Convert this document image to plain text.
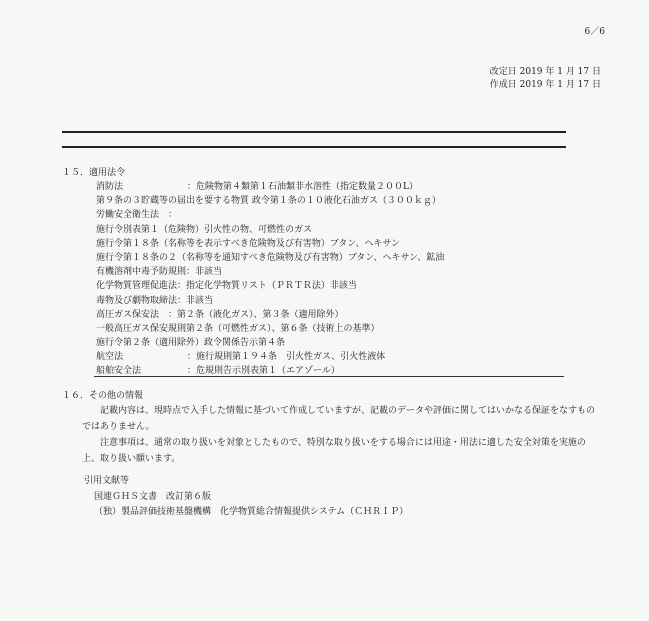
6／6
改定日 2019 年 1 月 17 日
作成日 2019 年 1 月 17 日
１５．適用法令
消防法	：危険物第４類第１石油類非水溶性（指定数量２００L）
第９条の３貯蔵等の届出を要する物質 政令第１条の１０液化石油ガス（３００ｋｇ）
労働安全衛生法　：
施行令別表第１（危険物）引火性の物、可燃性のガス
施行令第１８条（名称等を表示すべき危険物及び有害物）ブタン、ヘキサン
施行令第１８条の２（名称等を通知すべき危険物及び有害物）ブタン、ヘキサン、鉱油
有機溶剤中毒予防規則：非該当
化学物質管理促進法：指定化学物質リスト（ＰＲＴＲ法）非該当
毒物及び劇物取締法：非該当
高圧ガス保安法　：第２条（液化ガス）、第３条（適用除外）
一般高圧ガス保安規則第２条（可燃性ガス）、第６条（技術上の基準）
施行令第２条（適用除外）政令関係告示第４条
航空法	：施行規則第１９４条　引火性ガス、引火性液体
船舶安全法	：危規則告示別表第１（エアゾール）
１６．その他の情報

記載内容は、現時点で入手した情報に基づいて作成していますが、記載のデータや評価に関してはいかなる保証をなすものではありません。

注意事項は、通常の取り扱いを対象としたもので、特別な取り扱いをする場合には用途・用法に適した安全対策を実施の上、取り扱い願います。

引用文献等
国連ＧＨＳ文書　改訂第６版
（独）製品評価技術基盤機構　化学物質総合情報提供システム（ＣＨＲＩＰ）
